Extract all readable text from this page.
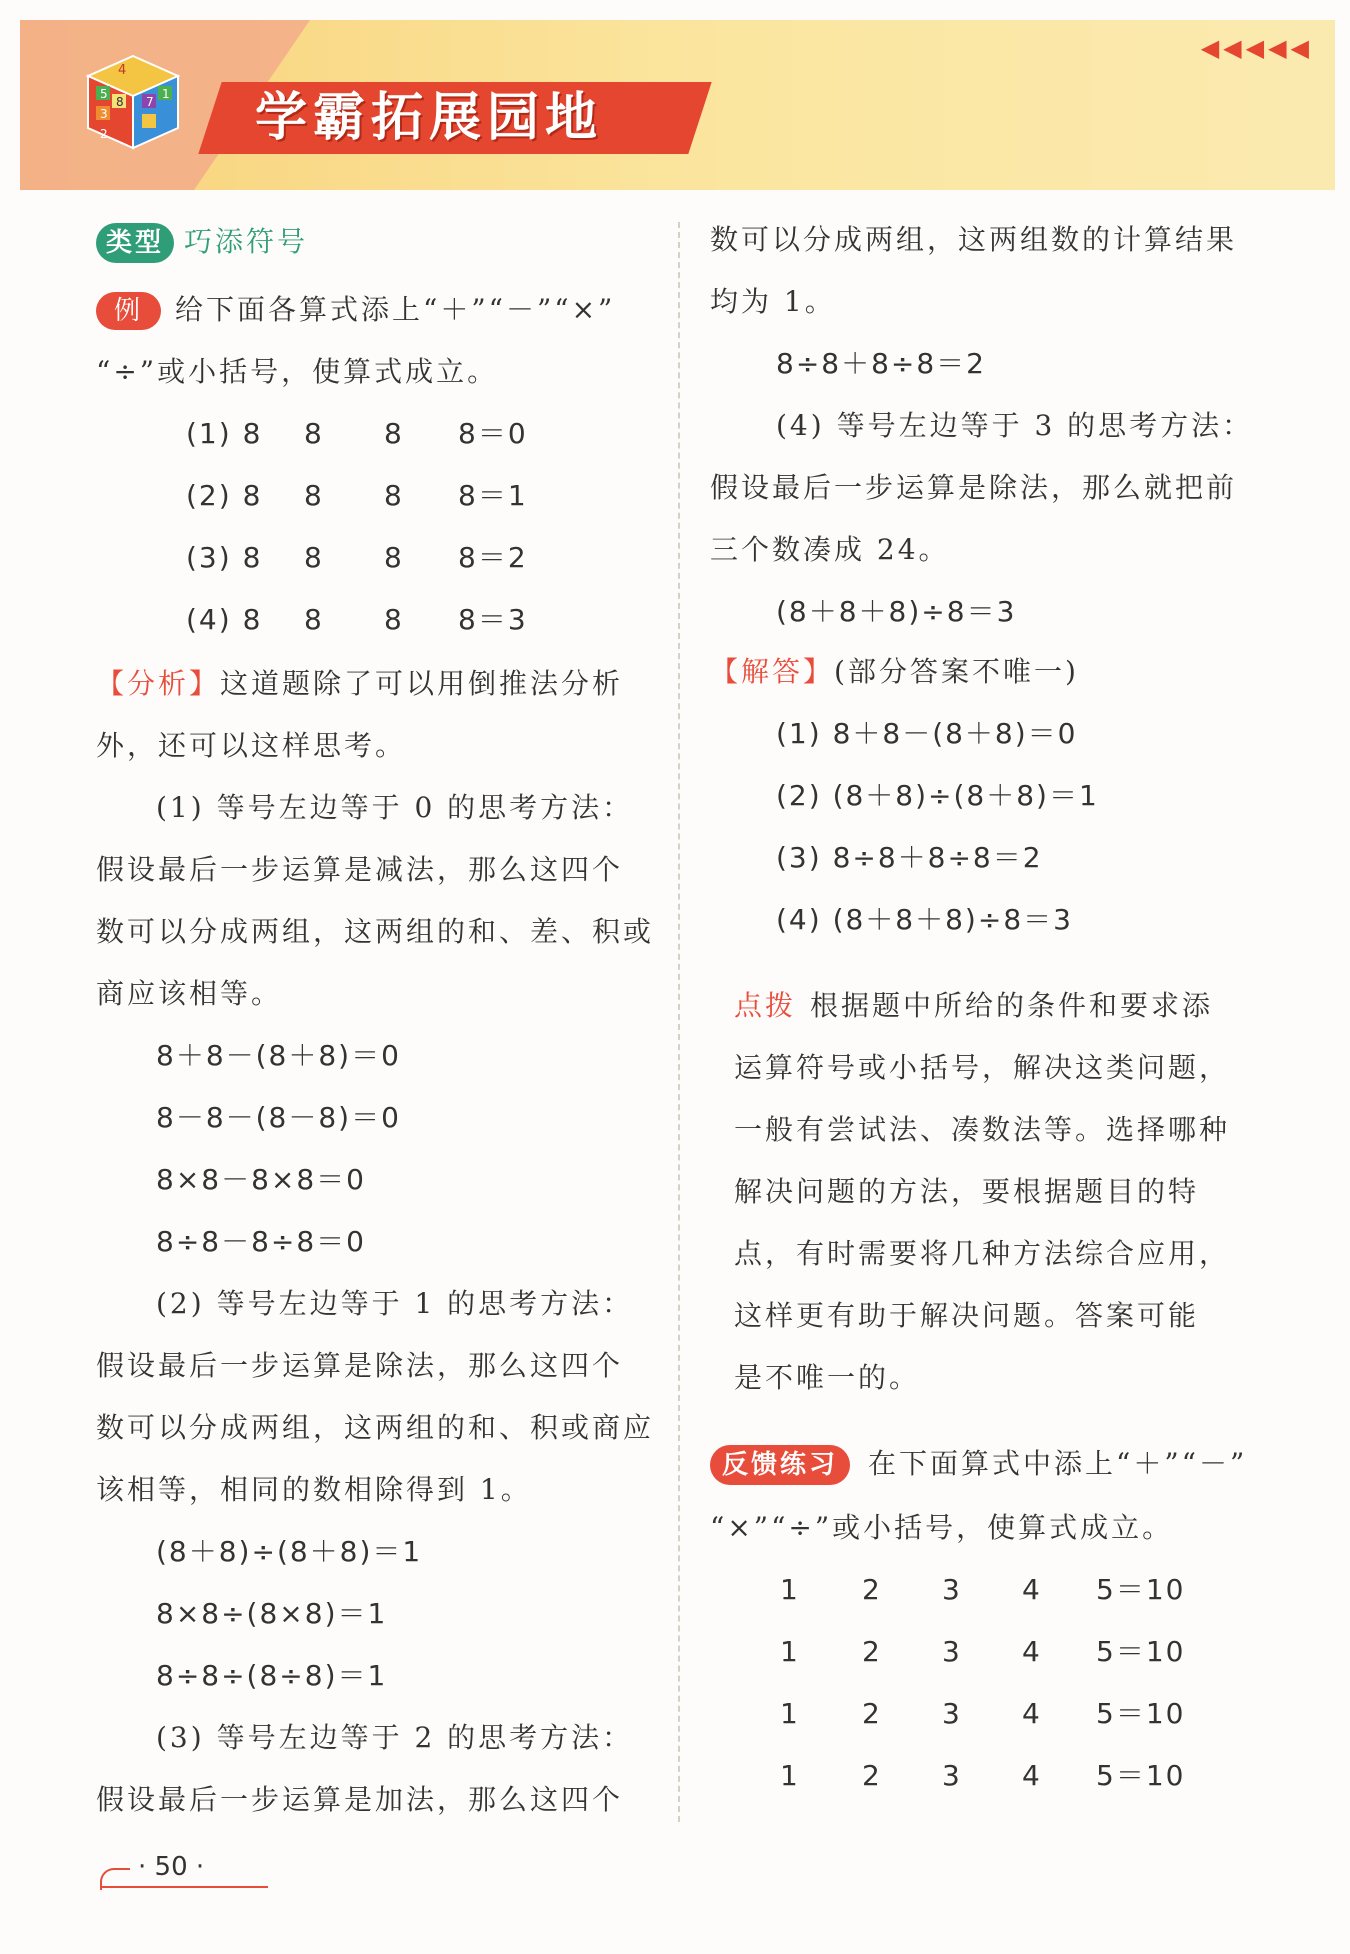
◀◀◀◀◀
4
5
8
3
2
7
1 学霸拓展园地
类型 巧添符号
例 给下面各算式添上“＋”“－”“×”
“÷”或小括号，使算式成立。
(1) 8 8 8 8＝0
(2) 8 8 8 8＝1
(3) 8 8 8 8＝2
(4) 8 8 8 8＝3
【分析】这道题除了可以用倒推法分析
外，还可以这样思考。
(1) 等号左边等于 0 的思考方法：
假设最后一步运算是减法，那么这四个
数可以分成两组，这两组的和、差、积或
商应该相等。
8＋8－(8＋8)＝0
8－8－(8－8)＝0
8×8－8×8＝0
8÷8－8÷8＝0
(2) 等号左边等于 1 的思考方法：
假设最后一步运算是除法，那么这四个
数可以分成两组，这两组的和、积或商应
该相等，相同的数相除得到 1。
(8＋8)÷(8＋8)＝1
8×8÷(8×8)＝1
8÷8÷(8÷8)＝1
(3) 等号左边等于 2 的思考方法：
假设最后一步运算是加法，那么这四个
数可以分成两组，这两组数的计算结果
均为 1。
8÷8＋8÷8＝2
(4) 等号左边等于 3 的思考方法：
假设最后一步运算是除法，那么就把前
三个数凑成 24。
(8＋8＋8)÷8＝3
【解答】(部分答案不唯一)
(1) 8＋8－(8＋8)＝0
(2) (8＋8)÷(8＋8)＝1
(3) 8÷8＋8÷8＝2
(4) (8＋8＋8)÷8＝3
点拨 根据题中所给的条件和要求添
运算符号或小括号，解决这类问题，
一般有尝试法、凑数法等。选择哪种
解决问题的方法，要根据题目的特
点，有时需要将几种方法综合应用，
这样更有助于解决问题。答案可能
是不唯一的。
反馈练习 在下面算式中添上“＋”“－”
“×”“÷”或小括号，使算式成立。
1 2 3 4 5＝10
1 2 3 4 5＝10
1 2 3 4 5＝10
1 2 3 4 5＝10
· 50 ·
